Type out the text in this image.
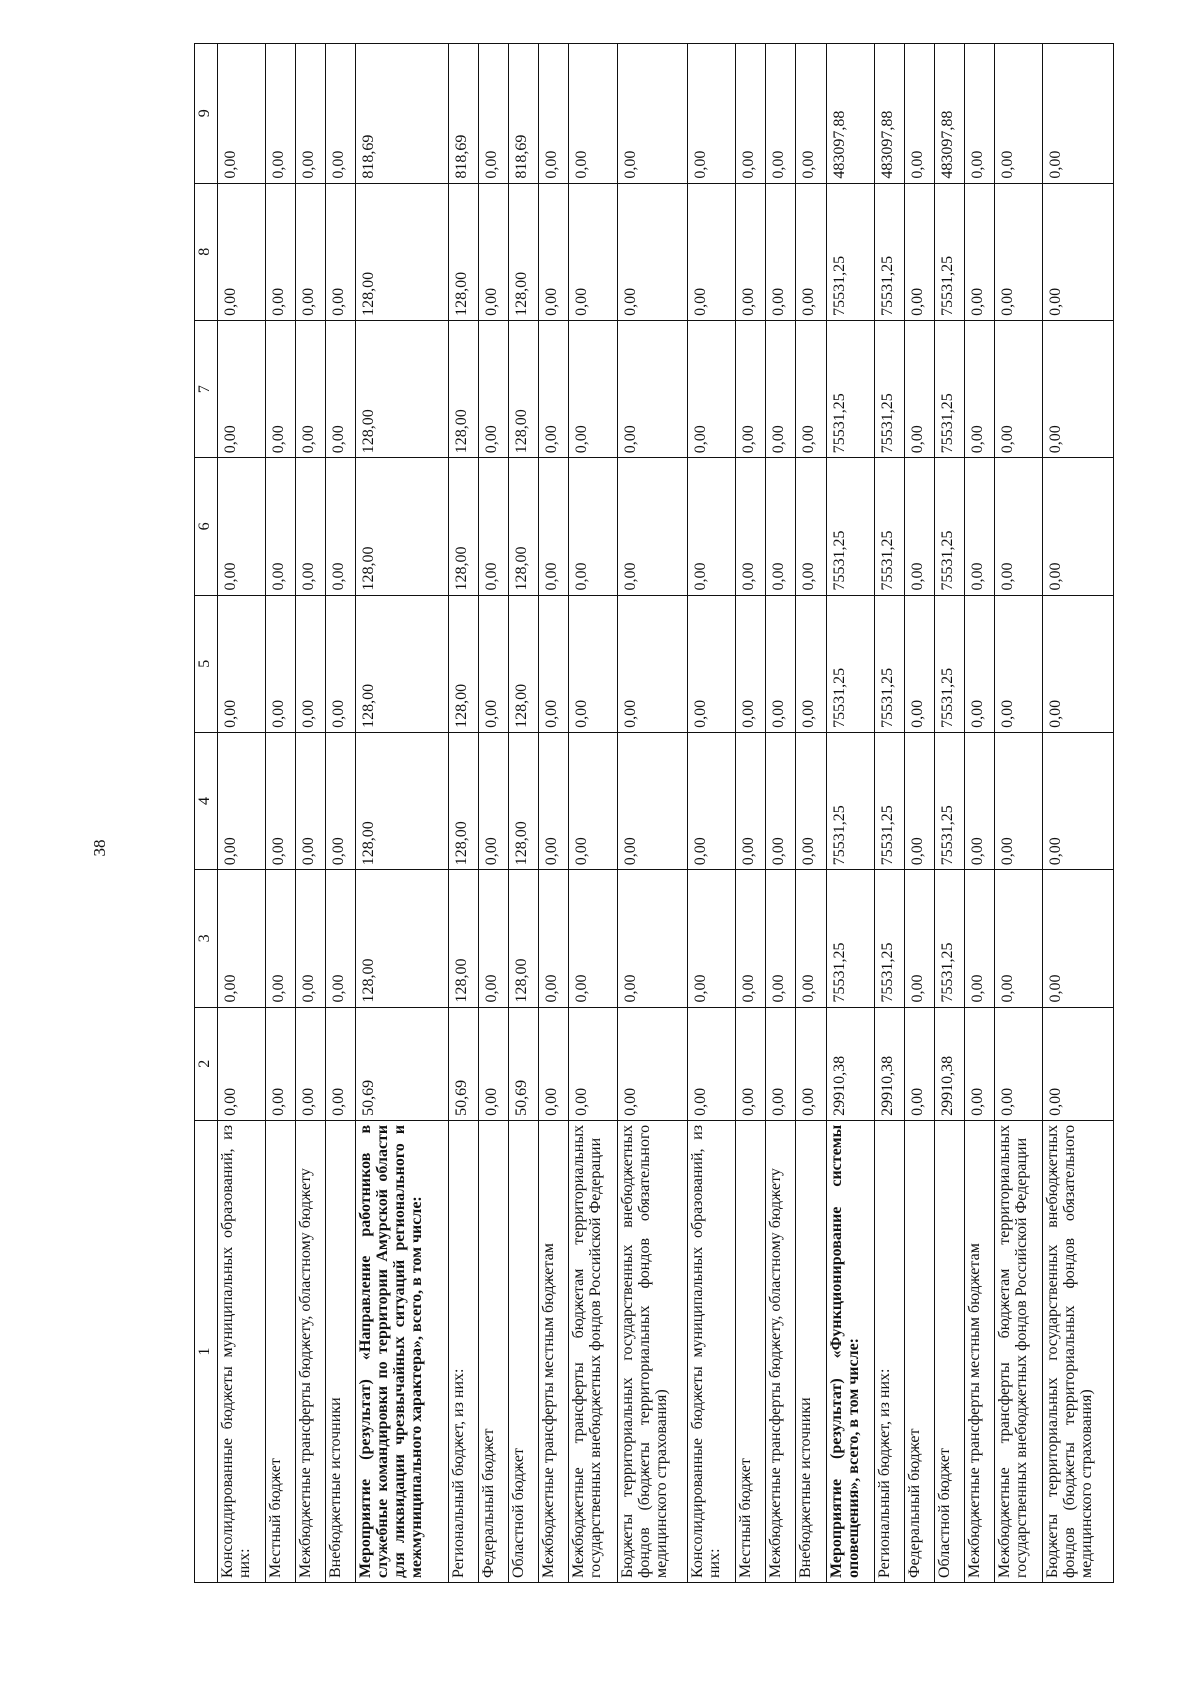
38
1	2	3	4	5	6	7	8	9
Консолидированные бюджеты муниципальных образований, из них:	0,00	0,00	0,00	0,00	0,00	0,00	0,00	0,00
Местный бюджет	0,00	0,00	0,00	0,00	0,00	0,00	0,00	0,00
Межбюджетные трансферты бюджету, областному бюджету	0,00	0,00	0,00	0,00	0,00	0,00	0,00	0,00
Внебюджетные источники	0,00	0,00	0,00	0,00	0,00	0,00	0,00	0,00
Мероприятие (результат) «Направление работников в служебные командировки по территории Амурской области для ликвидации чрезвычайных ситуаций регионального и межмуниципального характера», всего, в том числе:	50,69	128,00	128,00	128,00	128,00	128,00	128,00	818,69
Региональный бюджет, из них:	50,69	128,00	128,00	128,00	128,00	128,00	128,00	818,69
Федеральный бюджет	0,00	0,00	0,00	0,00	0,00	0,00	0,00	0,00
Областной бюджет	50,69	128,00	128,00	128,00	128,00	128,00	128,00	818,69
Межбюджетные трансферты местным бюджетам	0,00	0,00	0,00	0,00	0,00	0,00	0,00	0,00
Межбюджетные трансферты бюджетам территориальных государственных внебюджетных фондов Российской Федерации	0,00	0,00	0,00	0,00	0,00	0,00	0,00	0,00
Бюджеты территориальных государственных внебюджетных фондов (бюджеты территориальных фондов обязательного медицинского страхования)	0,00	0,00	0,00	0,00	0,00	0,00	0,00	0,00
Консолидированные бюджеты муниципальных образований, из них:	0,00	0,00	0,00	0,00	0,00	0,00	0,00	0,00
Местный бюджет	0,00	0,00	0,00	0,00	0,00	0,00	0,00	0,00
Межбюджетные трансферты бюджету, областному бюджету	0,00	0,00	0,00	0,00	0,00	0,00	0,00	0,00
Внебюджетные источники	0,00	0,00	0,00	0,00	0,00	0,00	0,00	0,00
Мероприятие (результат) «Функционирование системы оповещения», всего, в том числе:	29910,38	75531,25	75531,25	75531,25	75531,25	75531,25	75531,25	483097,88
Региональный бюджет, из них:	29910,38	75531,25	75531,25	75531,25	75531,25	75531,25	75531,25	483097,88
Федеральный бюджет	0,00	0,00	0,00	0,00	0,00	0,00	0,00	0,00
Областной бюджет	29910,38	75531,25	75531,25	75531,25	75531,25	75531,25	75531,25	483097,88
Межбюджетные трансферты местным бюджетам	0,00	0,00	0,00	0,00	0,00	0,00	0,00	0,00
Межбюджетные трансферты бюджетам территориальных государственных внебюджетных фондов Российской Федерации	0,00	0,00	0,00	0,00	0,00	0,00	0,00	0,00
Бюджеты территориальных государственных внебюджетных фондов (бюджеты территориальных фондов обязательного медицинского страхования)	0,00	0,00	0,00	0,00	0,00	0,00	0,00	0,00
